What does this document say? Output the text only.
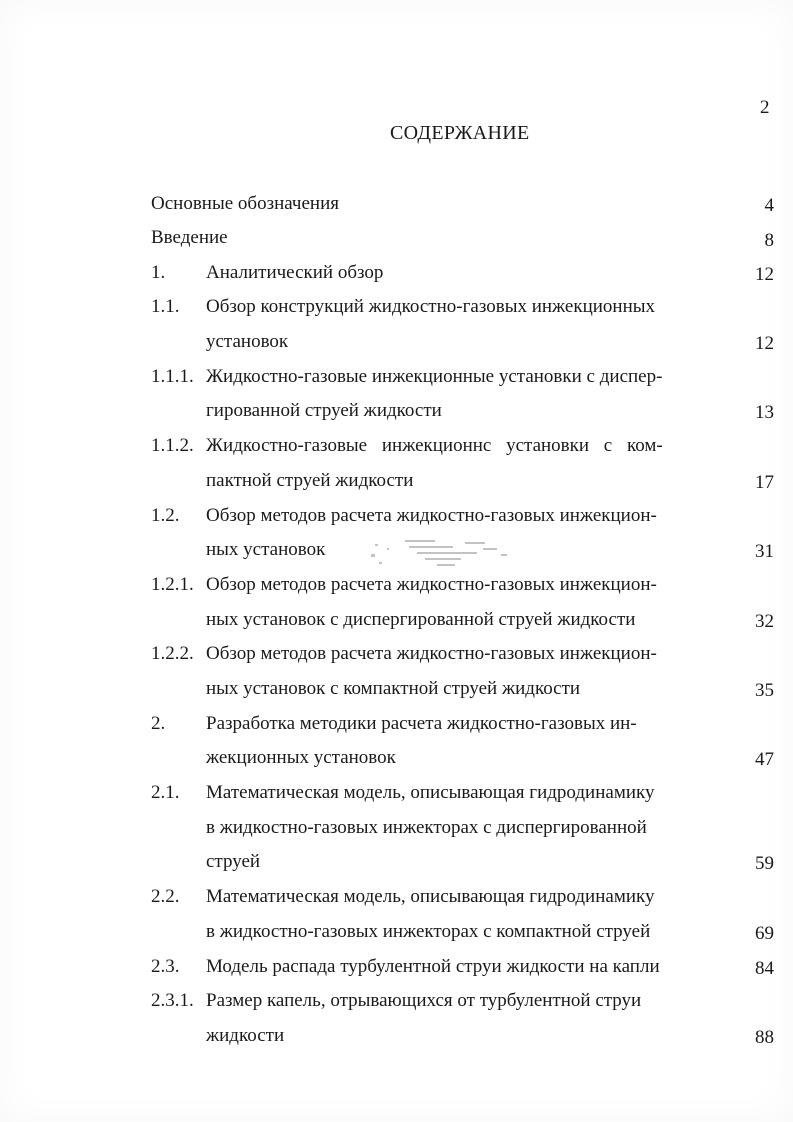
2
СОДЕРЖАНИЕ
Основные обозначения	4
Введение	8
1. Аналитический обзор	12
1.1. Обзор конструкций жидкостно-газовых инжекционных
установок	12
1.1.1. Жидкостно-газовые инжекционные установки с диспер-
гированной струей жидкости	13
1.1.2. Жидкостно-газовые инжекционнс установки с ком-
пактной струей жидкости	17
1.2. Обзор методов расчета жидкостно-газовых инжекцион-
ных установок	31
1.2.1. Обзор методов расчета жидкостно-газовых инжекцион-
ных установок с диспергированной струей жидкости	32
1.2.2. Обзор методов расчета жидкостно-газовых инжекцион-
ных установок с компактной струей жидкости	35
2. Разработка методики расчета жидкостно-газовых ин-
жекционных установок	47
2.1. Математическая модель, описывающая гидродинамику
в жидкостно-газовых инжекторах с диспергированной
струей	59
2.2. Математическая модель, описывающая гидродинамику
в жидкостно-газовых инжекторах с компактной струей	69
2.3. Модель распада турбулентной струи жидкости на капли	84
2.3.1. Размер капель, отрывающихся от турбулентной струи
жидкости	88
